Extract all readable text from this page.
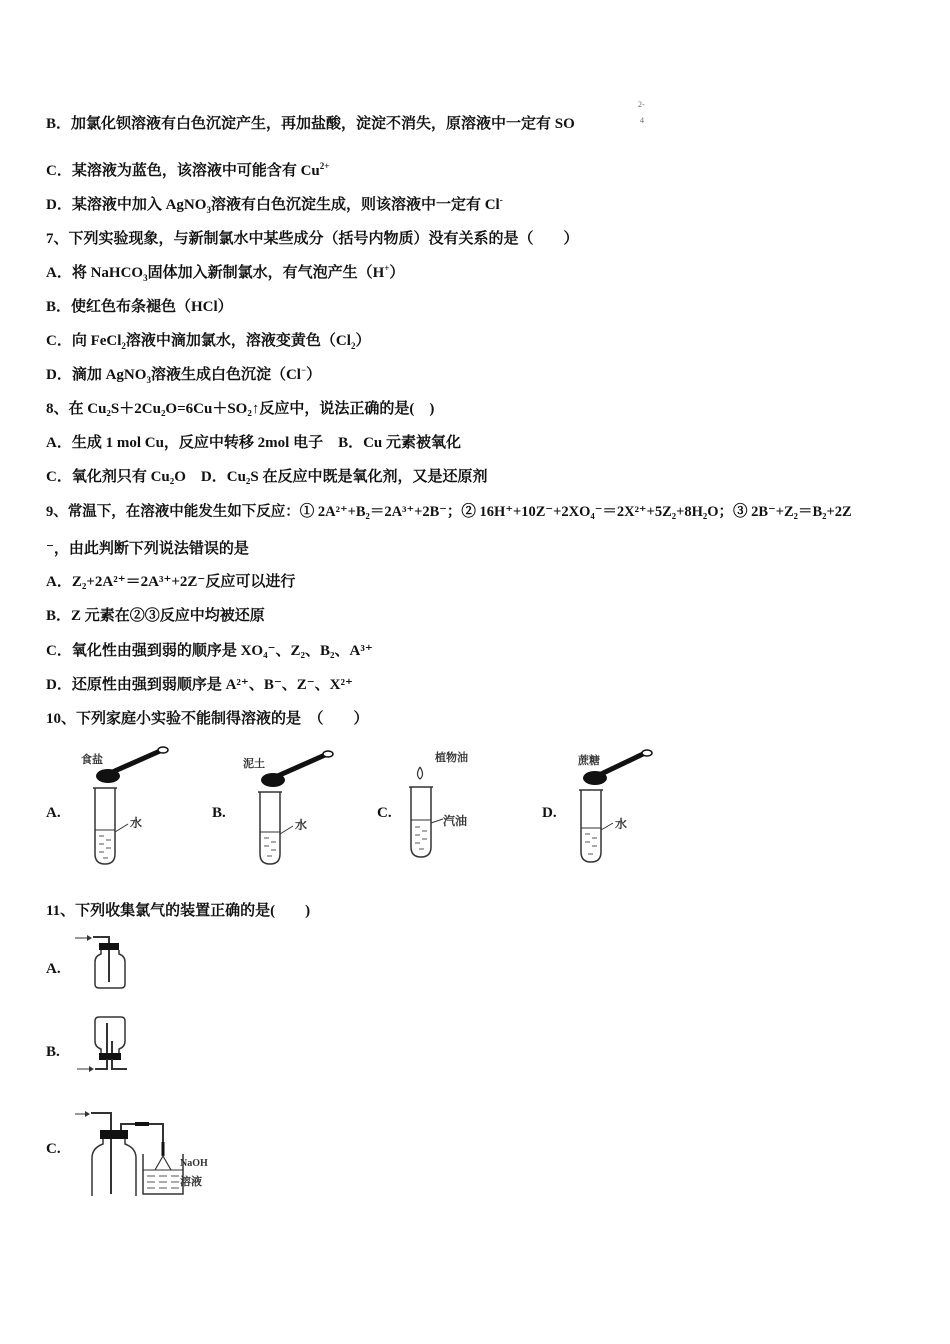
B．加氯化钡溶液有白色沉淀产生，再加盐酸，淀淀不消失，原溶液中一定有 SO
2-
4
C．某溶液为蓝色，该溶液中可能含有 $Cu^{2+}$
D．某溶液中加入 AgNO$_3$溶液有白色沉淀生成，则该溶液中一定有 Cl-
7、下列实验现象，与新制氯水中某些成分（括号内物质）没有关系的是（　　）
A．将 NaHCO$_3$固体加入新制氯水，有气泡产生（H+）
B．使红色布条褪色（HCl）
C．向 FeCl$_2$溶液中滴加氯水，溶液变黄色$(Cl_2)$
D．滴加 AgNO$_3$溶液生成白色沉淀（Cl−）
8、在 Cu₂S＋2Cu₂O=6Cu＋SO₂↑反应中，说法正确的是(　)
A．生成 1 mol Cu，反应中转移 2mol 电子　B．Cu 元素被氧化
C．氧化剂只有 Cu₂O　D．Cu₂S 在反应中既是氧化剂，又是还原剂
9、常温下，在溶液中能发生如下反应：① 2A²⁺+B₂＝2A³⁺+2B⁻；② 16H⁺+10Z⁻+2XO₄⁻＝2X²⁺+5Z₂+8H₂O；③ 2B⁻+Z₂＝B₂+2Z
⁻，由此判断下列说法错误的是
A．Z₂+2A²⁺＝2A³⁺+2Z⁻反应可以进行
B．Z 元素在②③反应中均被还原
C．氧化性由强到弱的顺序是 XO₄⁻、Z₂、B₂、A³⁺
D．还原性由强到弱顺序是 A²⁺、B⁻、Z⁻、X²⁺
10、下列家庭小实验不能制得溶液的是　（　　）
A.
食盐
水
B.
泥土
水
C.
植物油
汽油	D.
蔗糖
水
11、下列收集氯气的装置正确的是(　　)
A.
B.
C.
NaOH
溶液
